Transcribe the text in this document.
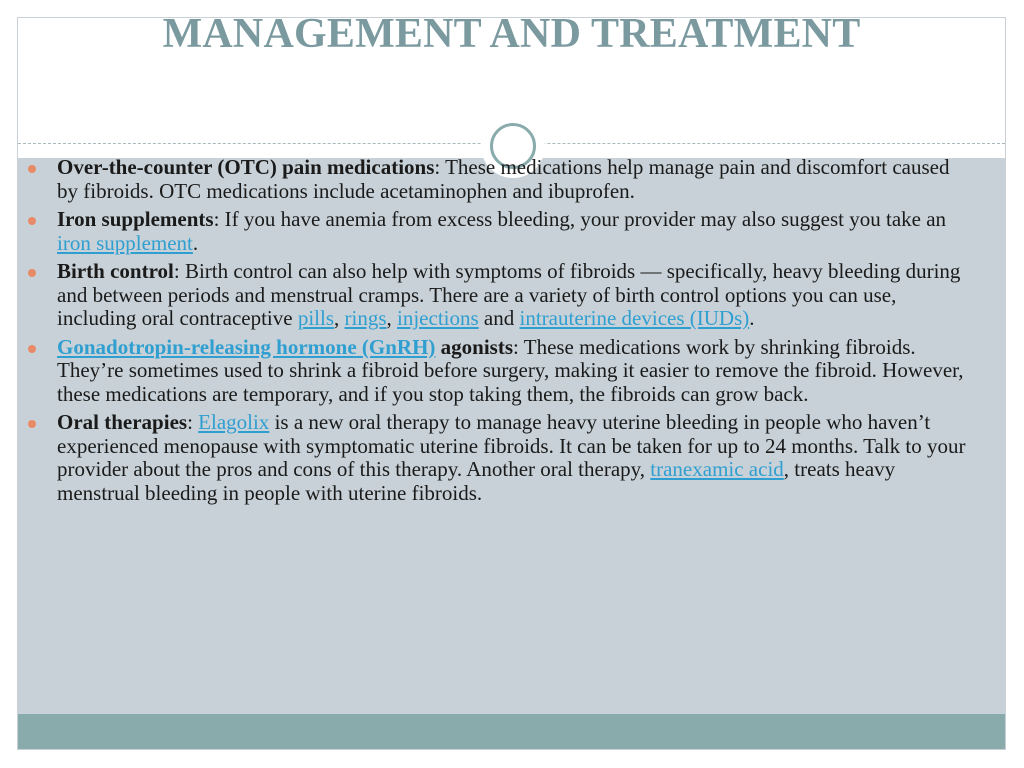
MANAGEMENT AND TREATMENT
Over-the-counter (OTC) pain medications: These medications help manage pain and discomfort caused by fibroids. OTC medications include acetaminophen and ibuprofen.
Iron supplements: If you have anemia from excess bleeding, your provider may also suggest you take an iron supplement.
Birth control: Birth control can also help with symptoms of fibroids — specifically, heavy bleeding during and between periods and menstrual cramps. There are a variety of birth control options you can use, including oral contraceptive pills, rings, injections and intrauterine devices (IUDs).
Gonadotropin-releasing hormone (GnRH) agonists: These medications work by shrinking fibroids. They’re sometimes used to shrink a fibroid before surgery, making it easier to remove the fibroid. However, these medications are temporary, and if you stop taking them, the fibroids can grow back.
Oral therapies: Elagolix is a new oral therapy to manage heavy uterine bleeding in people who haven’t experienced menopause with symptomatic uterine fibroids. It can be taken for up to 24 months. Talk to your provider about the pros and cons of this therapy. Another oral therapy, tranexamic acid, treats heavy menstrual bleeding in people with uterine fibroids.
